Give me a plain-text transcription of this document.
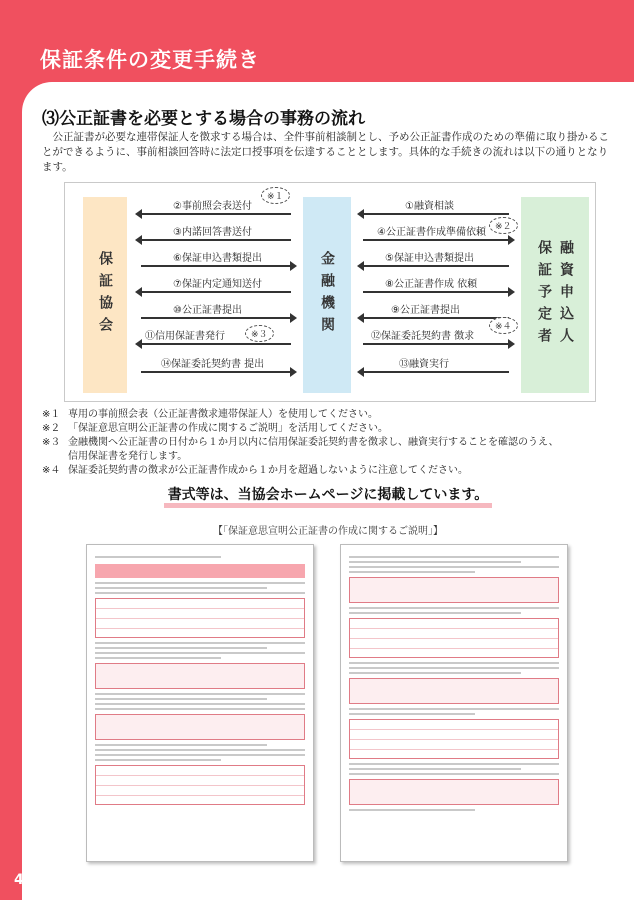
保証条件の変更手続き
⑶公正証書を必要とする場合の事務の流れ

公正証書が必要な連帯保証人を徴求する場合は、全件事前相談制とし、予め公正証書作成のための準備に取り掛かることができるように、事前相談回答時に法定口授事項を伝達することとします。具体的な手続きの流れは以下の通りとなります。

保証協会	金融機関	保証予定者 融資申込人
②事前照会表送付
③内諾回答書送付
⑥保証申込書類提出
⑦保証内定通知送付
⑩公正証書提出
⑪信用保証書発行
⑭保証委託契約書 提出
①融資相談
④公正証書作成準備依頼
⑤保証申込書類提出
⑧公正証書作成 依頼
⑨公正証書提出
⑫保証委託契約書 徴求
⑬融資実行
※１
※２
※３
※４
※１ 専用の事前照会表（公正証書徴求連帯保証人）を使用してください。
※２ 「保証意思宣明公正証書の作成に関するご説明」を活用してください。
※３ 金融機関へ公正証書の日付から１か月以内に信用保証委託契約書を徴求し、融資実行することを確認のうえ、
信用保証書を発行します。
※４ 保証委託契約書の徴求が公正証書作成から１か月を超過しないように注意してください。
書式等は、当協会ホームページに掲載しています。
【「保証意思宣明公正証書の作成に関するご説明」】

47
